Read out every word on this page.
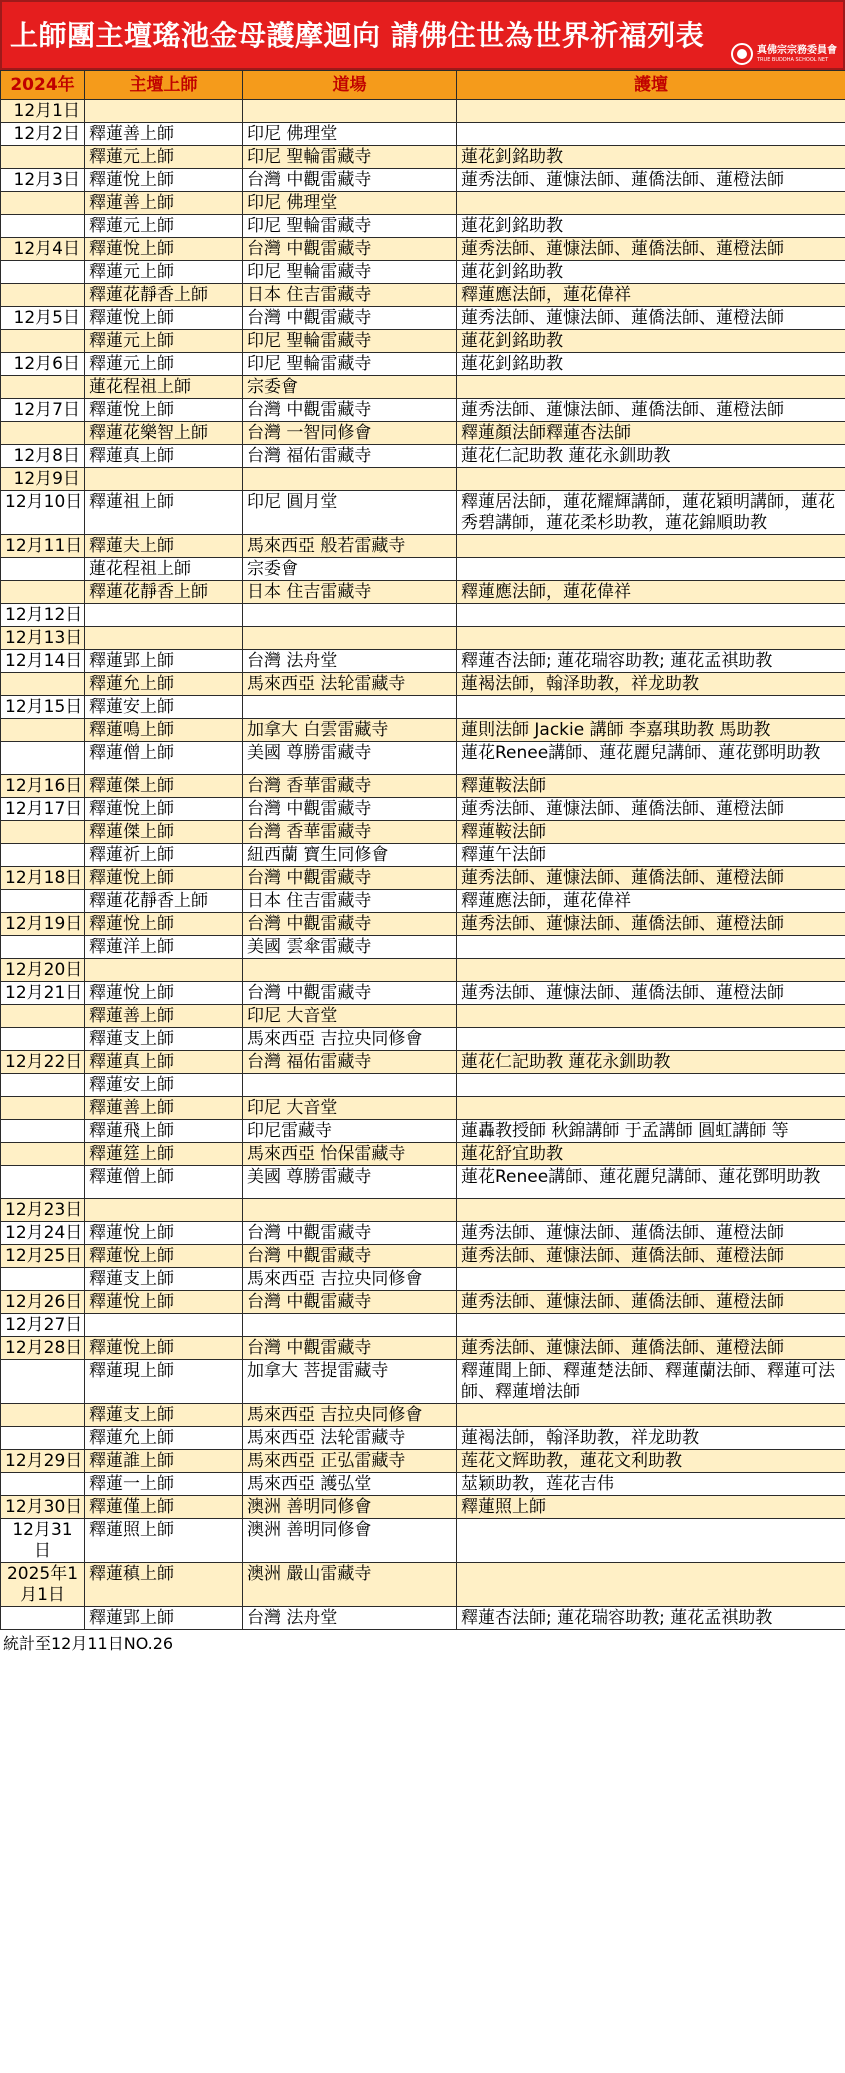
上師團主壇瑤池金母護摩迴向 請佛住世為世界祈福列表	真佛宗宗務委員會
TRUE BUDDHA SCHOOL NET
2024年	主壇上師	道場	護壇
12月1日			
12月2日	釋蓮善上師	印尼 佛理堂	
	釋蓮元上師	印尼 聖輪雷藏寺	蓮花釗銘助教
12月3日	釋蓮悅上師	台灣 中觀雷藏寺	蓮秀法師、蓮慷法師、蓮僑法師、蓮橙法師
	釋蓮善上師	印尼 佛理堂	
	釋蓮元上師	印尼 聖輪雷藏寺	蓮花釗銘助教
12月4日	釋蓮悅上師	台灣 中觀雷藏寺	蓮秀法師、蓮慷法師、蓮僑法師、蓮橙法師
	釋蓮元上師	印尼 聖輪雷藏寺	蓮花釗銘助教
	釋蓮花靜香上師	日本 住吉雷藏寺	釋蓮應法師，蓮花偉祥
12月5日	釋蓮悅上師	台灣 中觀雷藏寺	蓮秀法師、蓮慷法師、蓮僑法師、蓮橙法師
	釋蓮元上師	印尼 聖輪雷藏寺	蓮花釗銘助教
12月6日	釋蓮元上師	印尼 聖輪雷藏寺	蓮花釗銘助教
	蓮花程祖上師	宗委會	
12月7日	釋蓮悅上師	台灣 中觀雷藏寺	蓮秀法師、蓮慷法師、蓮僑法師、蓮橙法師
	釋蓮花樂智上師	台灣 一智同修會	釋蓮顏法師釋蓮杏法師
12月8日	釋蓮真上師	台灣 福佑雷藏寺	蓮花仁記助教 蓮花永釧助教
12月9日			
12月10日	釋蓮祖上師	印尼 圓月堂	釋蓮居法師，蓮花耀輝講師，蓮花穎明講師，蓮花秀碧講師，蓮花柔杉助教，蓮花錦順助教
12月11日	釋蓮夫上師	馬來西亞 般若雷藏寺	
	蓮花程祖上師	宗委會	
	釋蓮花靜香上師	日本 住吉雷藏寺	釋蓮應法師，蓮花偉祥
12月12日			
12月13日			
12月14日	釋蓮郢上師	台灣 法舟堂	釋蓮杏法師; 蓮花瑞容助教; 蓮花孟祺助教
	釋蓮允上師	馬來西亞 法轮雷藏寺	蓮褐法師，翰泽助教，祥龙助教
12月15日	釋蓮安上師		
	釋蓮鳴上師	加拿大 白雲雷藏寺	蓮則法師 Jackie 講師 李嘉琪助教 馬助教
	釋蓮僧上師	美國 尊勝雷藏寺	蓮花Renee講師、蓮花麗兒講師、蓮花鄧明助教
12月16日	釋蓮傑上師	台灣 香華雷藏寺	釋蓮鞍法師
12月17日	釋蓮悅上師	台灣 中觀雷藏寺	蓮秀法師、蓮慷法師、蓮僑法師、蓮橙法師
	釋蓮傑上師	台灣 香華雷藏寺	釋蓮鞍法師
	釋蓮祈上師	紐西蘭 寶生同修會	釋蓮午法師
12月18日	釋蓮悅上師	台灣 中觀雷藏寺	蓮秀法師、蓮慷法師、蓮僑法師、蓮橙法師
	釋蓮花靜香上師	日本 住吉雷藏寺	釋蓮應法師，蓮花偉祥
12月19日	釋蓮悅上師	台灣 中觀雷藏寺	蓮秀法師、蓮慷法師、蓮僑法師、蓮橙法師
	釋蓮洋上師	美國 雲傘雷藏寺	
12月20日			
12月21日	釋蓮悅上師	台灣 中觀雷藏寺	蓮秀法師、蓮慷法師、蓮僑法師、蓮橙法師
	釋蓮善上師	印尼 大音堂	
	釋蓮支上師	馬來西亞 吉拉央同修會	
12月22日	釋蓮真上師	台灣 福佑雷藏寺	蓮花仁記助教 蓮花永釧助教
	釋蓮安上師		
	釋蓮善上師	印尼 大音堂	
	釋蓮飛上師	印尼雷藏寺	蓮轟教授師 秋錦講師 于孟講師 圓虹講師 等
	釋蓮筳上師	馬來西亞 怡保雷藏寺	蓮花舒宜助教
	釋蓮僧上師	美國 尊勝雷藏寺	蓮花Renee講師、蓮花麗兒講師、蓮花鄧明助教
12月23日			
12月24日	釋蓮悅上師	台灣 中觀雷藏寺	蓮秀法師、蓮慷法師、蓮僑法師、蓮橙法師
12月25日	釋蓮悅上師	台灣 中觀雷藏寺	蓮秀法師、蓮慷法師、蓮僑法師、蓮橙法師
	釋蓮支上師	馬來西亞 吉拉央同修會	
12月26日	釋蓮悅上師	台灣 中觀雷藏寺	蓮秀法師、蓮慷法師、蓮僑法師、蓮橙法師
12月27日			
12月28日	釋蓮悅上師	台灣 中觀雷藏寺	蓮秀法師、蓮慷法師、蓮僑法師、蓮橙法師
	釋蓮現上師	加拿大 菩提雷藏寺	釋蓮聞上師、釋蓮楚法師、釋蓮蘭法師、釋蓮可法師、釋蓮增法師
	釋蓮支上師	馬來西亞 吉拉央同修會	
	釋蓮允上師	馬來西亞 法轮雷藏寺	蓮褐法師，翰泽助教，祥龙助教
12月29日	釋蓮誰上師	馬來西亞 正弘雷藏寺	莲花文辉助教，蓮花文利助教
	釋蓮一上師	馬來西亞 護弘堂	莁颖助教，莲花吉伟
12月30日	釋蓮僅上師	澳洲 善明同修會	釋蓮照上師
12月31日	釋蓮照上師	澳洲 善明同修會	
2025年1月1日	釋蓮稹上師	澳洲 嚴山雷藏寺	
	釋蓮郢上師	台灣 法舟堂	釋蓮杏法師; 蓮花瑞容助教; 蓮花孟祺助教
統計至12月11日NO.26
